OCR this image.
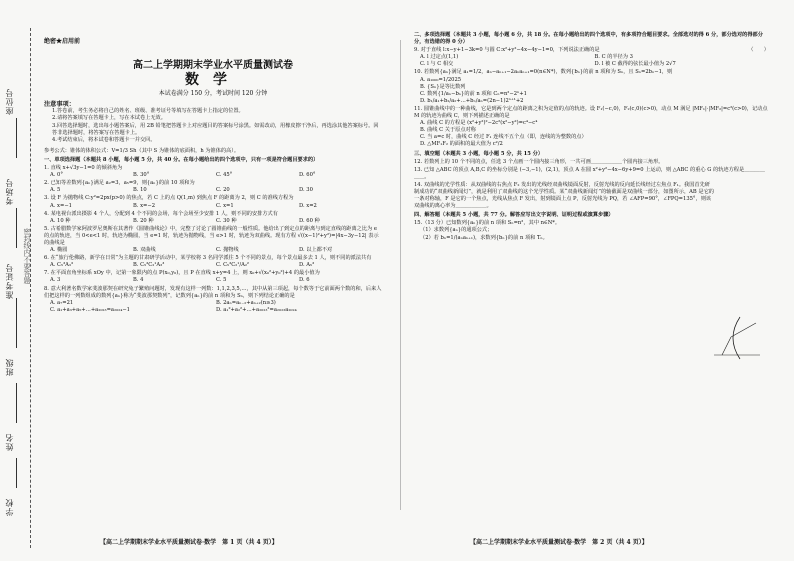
座位号
考场号
准考证号
班级
姓名
学校
密封线内不要答题
绝密★启用前
高二上学期期末学业水平质量测试卷
数学
本试卷满分 150 分，考试时间 120 分钟
注意事项：
1.答卷前，考生务必将自己的姓名、班级、准考证号等填写在答题卡上指定的位置。
2.请将答案填写在答题卡上，写在本试卷上无效。
3.回答选择题时，选出每小题答案后，用 2B 铅笔把答题卡上对应题目的答案标号涂黑。如需改动，用橡皮擦干净后，再选涂其他答案标号。回答非选择题时，将答案写在答题卡上。
4.考试结束后，将本试卷和答题卡一并交回。
参考公式：锥体的体积公式：V=1/3 Sh（其中 S 为锥体的底面积，h 为锥体的高）。
一、单项选择题（本题共 8 小题，每小题 5 分，共 40 分。在每小题给出的四个选项中，只有一项是符合题目要求的）
1. 直线 x+√3y−1=0 的倾斜角为
A. 0°	B. 30°	C. 45°	D. 60°
2. 已知等差数列{aₙ}满足 a₂=3，a₅=9，则{aₙ}的前 10 项和为
A. 5	B. 10	C. 20	D. 30
3. 设 F 为抛物线 C:y²=2px(p>0) 的焦点，若 C 上的点 Q(1,m) 到焦点 F 的距离为 2，则 C 的准线方程为
A. x=−1	B. x=−2	C. x=1	D. x=2
4. 某电视台派出摄影 4 个人，分配到 4 个不同的会场，每个会场至少安排 1 人，则不同的安排方式有
A. 10 种	B. 20 种	C. 30 种	D. 60 种
5. 古希腊数学家阿波罗尼奥斯在其著作《圆锥曲线论》中，完整了讨论了圆锥曲线的一般性质。他给出了到定点的距离与到定直线的距离之比为 e 的点的轨迹，当 0<e<1 时，轨迹为椭圆，当 e=1 时，轨迹为抛物线，当 e>1 时，轨迹为双曲线。现有方程 √((x−1)²+y²)=|4x−3y−12| 表示的曲线是
A. 椭圆	B. 双曲线	C. 抛物线	D. 以上都不对
6. 在“旅行伦佛路，新学在日常”为主题的甘肃研学活动中，某学校将 3 名同学派往 5 个不同的景点，每个景点最多去 1 人，则不同的派法共有
A. C₅³A₃³	B. C₅³C₂¹A₃³	C. C₅³C₂¹/A₂²	D. A₅³
7. 在平面直角坐标系 xOy 中，记第一象限内的点 P(x₀,y₀)，且 P 在直线 x+y=4 上，则 x₀+√(x₀²+y₀²)+4 的最小值为
A. 3	B. 4	C. 5	D. 6
8. 意大利著名数学家斐波那契在研究兔子繁殖问题时，发现有这样一列数：1,1,2,3,5,…，其中从第三项起，每个数等于它前面两个数的和，后来人们把这样的一列数组成的数列{aₙ}称为“斐波那契数列”，记数列{aₙ}的前 n 项和为 Sₙ，则下列结论正确的是
A. a₇=21	B. 2aₙ=aₙ₋₂+aₙ₊₂(n≥3)
C. a₁+a₃+a₅+…+a₂₀₂₃=a₂₀₂₄−1	D. a₁²+a₂²+…+a₂₀₂₃²=a₂₀₂₃a₂₀₂₄
二、多项选择题（本题共 3 小题，每小题 6 分，共 18 分。在每小题给出的四个选项中，有多项符合题目要求。全部选对的得 6 分，部分选对的得部分分，有选错的得 0 分）
9. 对于直线 l:x−y+1−3k=0 与圆 C:x²+y²−4x−4y−1=0，下列说法正确的是	（　　）
A. l 过定点(1,1)	B. C 的半径为 3
C. l 与 C 相交	D. l 被 C 截得的弦长最小值为 2√7
10. 若数列{aₙ}满足 a₁=1/2，aₙ−aₙ₊₁−2aₙaₙ₊₁=0(n∈N*)，数列{bₙ}的前 n 项和为 Sₙ，且 Sₙ=2bₙ−1，则
A. a₁₀₀₀=1/2025
B. {Sₙ}是等比数列
C. 数列{1/aₙ−bₙ}的前 n 项和 Cₙ=n²−2ⁿ+1
D. b₁/a₁+b₂/a₂+…+bₙ/aₙ=(2n−1)2ⁿ⁺¹+2
11. 圆锥曲线中的一种曲线，它是到两个定点的距离之积为定值的点的轨迹。设 F₁(−c,0)，F₂(c,0)(c>0)，动点 M 满足 |MF₁|·|MF₂|=c²(c>0)，记动点 M 的轨迹为曲线 C，则下列描述正确的是
A. 曲线 C 的方程是 (x²+y²)²−2c²(x²−y²)=c⁴−c⁴
B. 曲线 C 关于原点对称
C. 当 a=c 时，曲线 C 经过 F₁ 连线不五个点（即，连线的为整数的点）
D. △MF₁F₂ 的面积的最大值为 c²/2
三、填空题（本题共 3 小题，每小题 5 分，共 15 分）
12. 若数列上的 10 个不同的点，任选 3 个点画一个圆内接三角形，一共可画＿＿＿＿＿＿个圆内接三角形。
13. 已知 △ABC 的顶点 A,B,C 的坐标分别是 (−3,−1)，(2,1)，顶点 A 在圆 x²+y²−4x−6y+9=0 上运动，则 △ABC 的重心 G 的轨迹方程是＿＿＿＿＿＿。
14. 双曲线的光学性质：从双曲线的右焦点 F₂ 发出的光线经双曲线镜面反射，反射光线的反向延长线经过左焦点 F₁。我国首先研制成功的“双曲线新闻灯”，就是利用了双曲线的这个光学性质。某“双曲线新闻灯”的轴截面是双曲线一部分，如图所示，AB 是它的一条对称轴，F 是它的一个焦点，光线从焦点 F 发出，射到镜面上点 P，反射光线为 PQ，若 ∠AFP=90°，∠FPQ=135°，则该双曲线的离心率为＿＿＿＿＿＿。
四、解答题（本题共 5 小题，共 77 分。解答应写出文字说明、证明过程或演算步骤）
15.（13 分）已知数列{aₙ}的前 n 项和 Sₙ=n²，其中 n∈N*。
（1）求数列{aₙ}的通项公式；
（2）若 bₙ=1/(aₙaₙ₊₁)，求数列{bₙ}的前 n 项和 Tₙ。
【高二上学期期末学业水平质量测试卷·数学　第 1 页（共 4 页）】	【高二上学期期末学业水平质量测试卷·数学　第 2 页（共 4 页）】
